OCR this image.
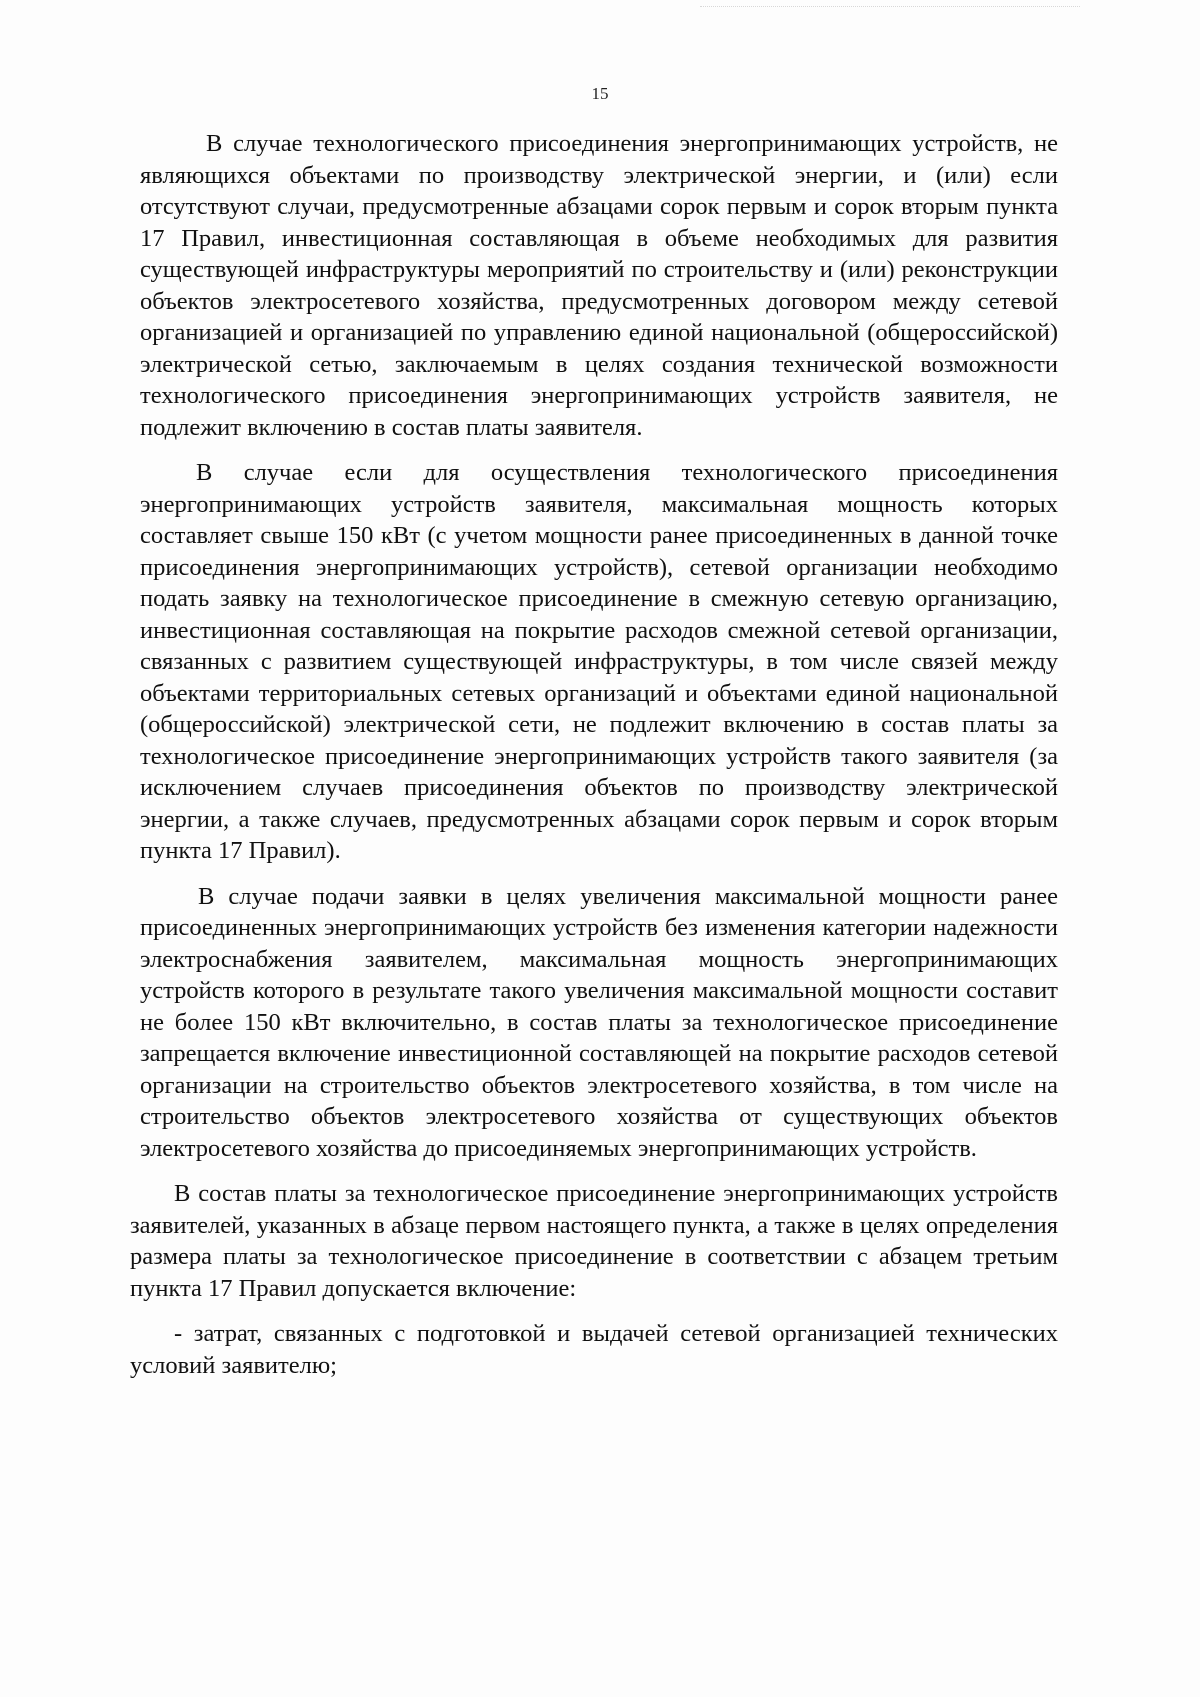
15

В случае технологического присоединения энергопринимающих устройств, не являющихся объектами по производству электрической энергии, и (или) если отсутствуют случаи, предусмотренные абзацами сорок первым и сорок вторым пункта 17 Правил, инвестиционная составляющая в объеме необходимых для развития существующей инфраструктуры мероприятий по строительству и (или) реконструкции объектов электросетевого хозяйства, предусмотренных договором между сетевой организацией и организацией по управлению единой национальной (общероссийской) электрической сетью, заключаемым в целях создания технической возможности технологического присоединения энергопринимающих устройств заявителя, не подлежит включению в состав платы заявителя.

В случае если для осуществления технологического присоединения энергопринимающих устройств заявителя, максимальная мощность которых составляет свыше 150 кВт (с учетом мощности ранее присоединенных в данной точке присоединения энергопринимающих устройств), сетевой организации необходимо подать заявку на технологическое присоединение в смежную сетевую организацию, инвестиционная составляющая на покрытие расходов смежной сетевой организации, связанных с развитием существующей инфраструктуры, в том числе связей между объектами территориальных сетевых организаций и объектами единой национальной (общероссийской) электрической сети, не подлежит включению в состав платы за технологическое присоединение энергопринимающих устройств такого заявителя (за исключением случаев присоединения объектов по производству электрической энергии, а также случаев, предусмотренных абзацами сорок первым и сорок вторым пункта 17 Правил).

В случае подачи заявки в целях увеличения максимальной мощности ранее присоединенных энергопринимающих устройств без изменения категории надежности электроснабжения заявителем, максимальная мощность энергопринимающих устройств которого в результате такого увеличения максимальной мощности составит не более 150 кВт включительно, в состав платы за технологическое присоединение запрещается включение инвестиционной составляющей на покрытие расходов сетевой организации на строительство объектов электросетевого хозяйства, в том числе на строительство объектов электросетевого хозяйства от существующих объектов электросетевого хозяйства до присоединяемых энергопринимающих устройств.

В состав платы за технологическое присоединение энергопринимающих устройств заявителей, указанных в абзаце первом настоящего пункта, а также в целях определения размера платы за технологическое присоединение в соответствии с абзацем третьим пункта 17 Правил допускается включение:

- затрат, связанных с подготовкой и выдачей сетевой организацией технических условий заявителю;
